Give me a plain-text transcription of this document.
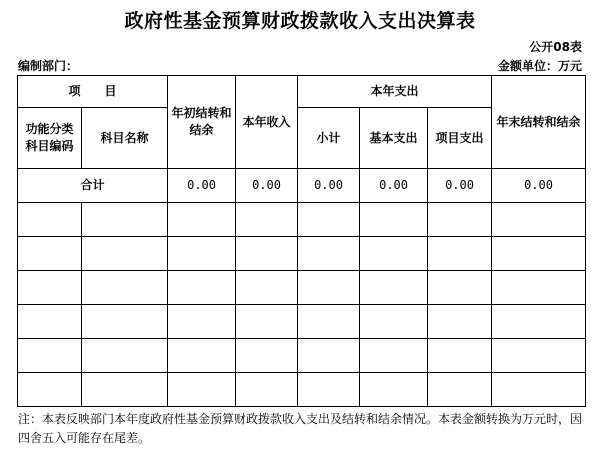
政府性基金预算财政拨款收入支出决算表
公开08表
编制部门：	金额单位：万元
项　　目		年初结转和结余	本年收入	本年支出			年末结转和结余
功能分类科目编码	科目名称			小计	基本支出	项目支出	
合计		0.00	0.00	0.00	0.00	0.00	0.00

注：本表反映部门本年度政府性基金预算财政拨款收入支出及结转和结余情况。本表金额转换为万元时，因四舍五入可能存在尾差。
